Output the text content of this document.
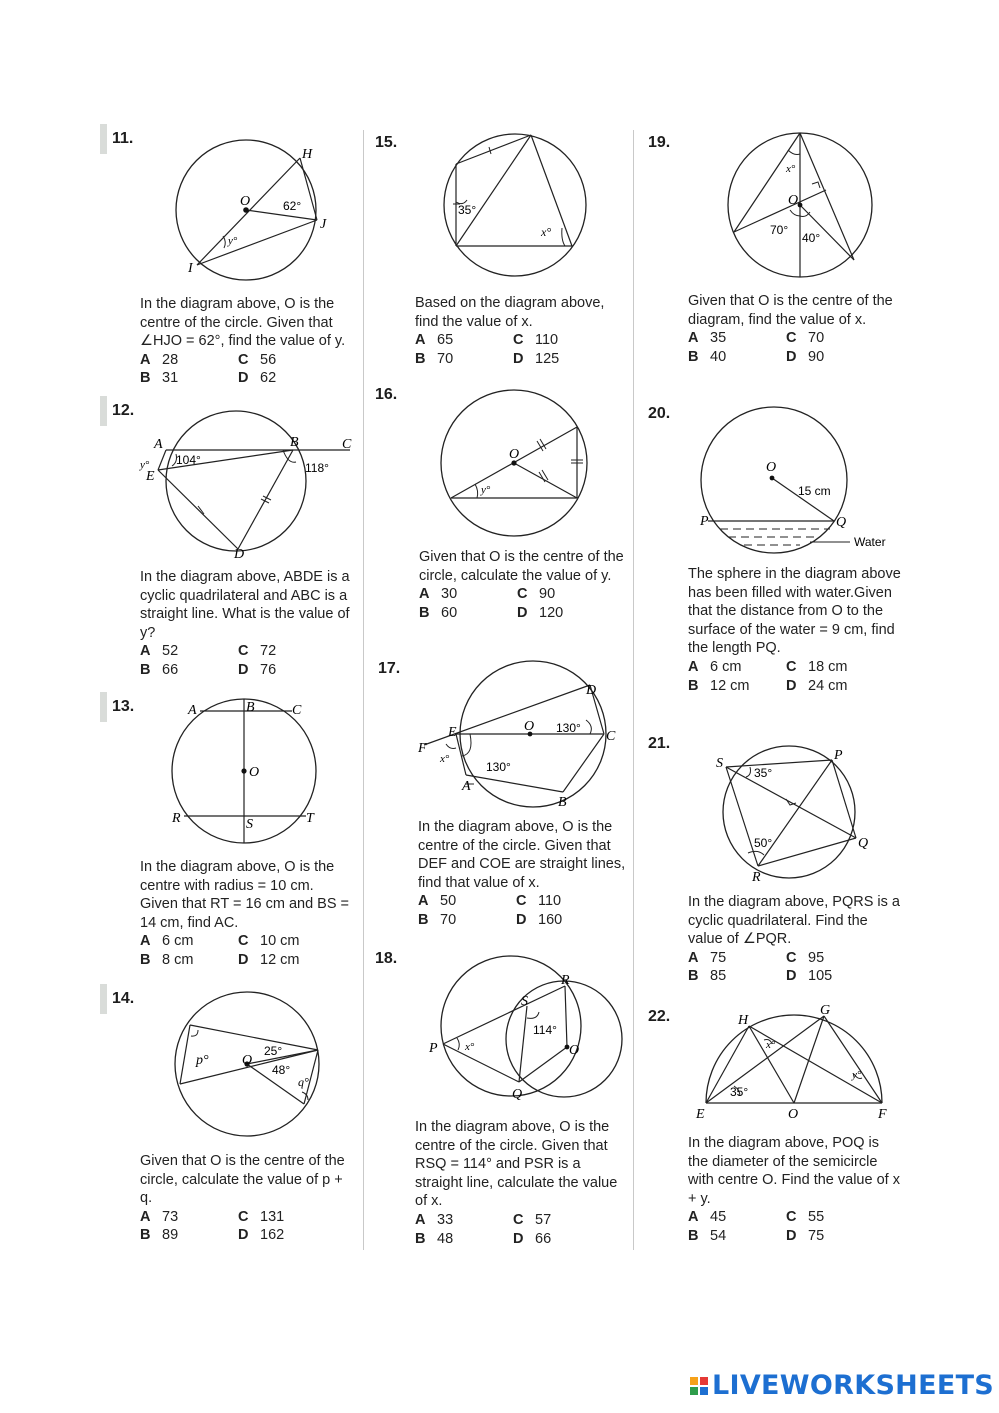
11.
H
J
O
I
62°
y°
In the diagram above, O is the centre of the circle. Given that ∠HJO = 62°, find the value of y.
A 28	C 56
B 31	D 62
12.
A	B	C
E
D
y° 104°
118°
In the diagram above, ABDE is a cyclic quadrilateral and ABC is a straight line. What is the value of y?
A 52	C 72
B 66	D 76
13.	A	B	C
O
R	S	T
In the diagram above, O is the centre with radius = 10 cm. Given that RT = 16 cm and BS = 14 cm, find AC.
A 6 cm	C 10 cm
B 8 cm	D 12 cm
14.
p° O
25°
48°
q°
Given that O is the centre of the circle, calculate the value of p + q.
A 73	C 131
B 89	D 162
15.
35°
x°
Based on the diagram above, find the value of x.
A 65	C 110
B 70	D 125
16.
O
y°
Given that O is the centre of the circle, calculate the value of y.
A 30	C 90
B 60	D 120
17.
D
E	O
C
F
x°
A
B
130°
130°
In the diagram above, O is the centre of the circle. Given that DEF and COE are straight lines, find that value of x.
A 50	C 110
B 70	D 160
18.
P
S
R
O
Q
x°
114°
In the diagram above, O is the centre of the circle. Given that RSQ = 114° and PSR is a straight line, calculate the value of x.
A 33	C 57
B 48	D 66
19.
x°
O
70°
40°
Given that O is the centre of the diagram, find the value of x.
A 35	C 70
B 40	D 90
20.
O
15 cm
P	Q
Water
The sphere in the diagram above has been filled with water.Given that the distance from O to the surface of the water = 9 cm, find the length PQ.
A 6 cm	C 18 cm
B 12 cm	D 24 cm
21.
S
P
Q
R
35°
50°
In the diagram above, PQRS is a cyclic quadrilateral. Find the value of ∠PQR.
A 75	C 95
B 85	D 105
22.	H
G
E	O	F
x°
y°
35°
In the diagram above, POQ is the diameter of the semicircle with centre O. Find the value of x + y.
A 45	C 55
B 54	D 75
LIVEWORKSHEETS
